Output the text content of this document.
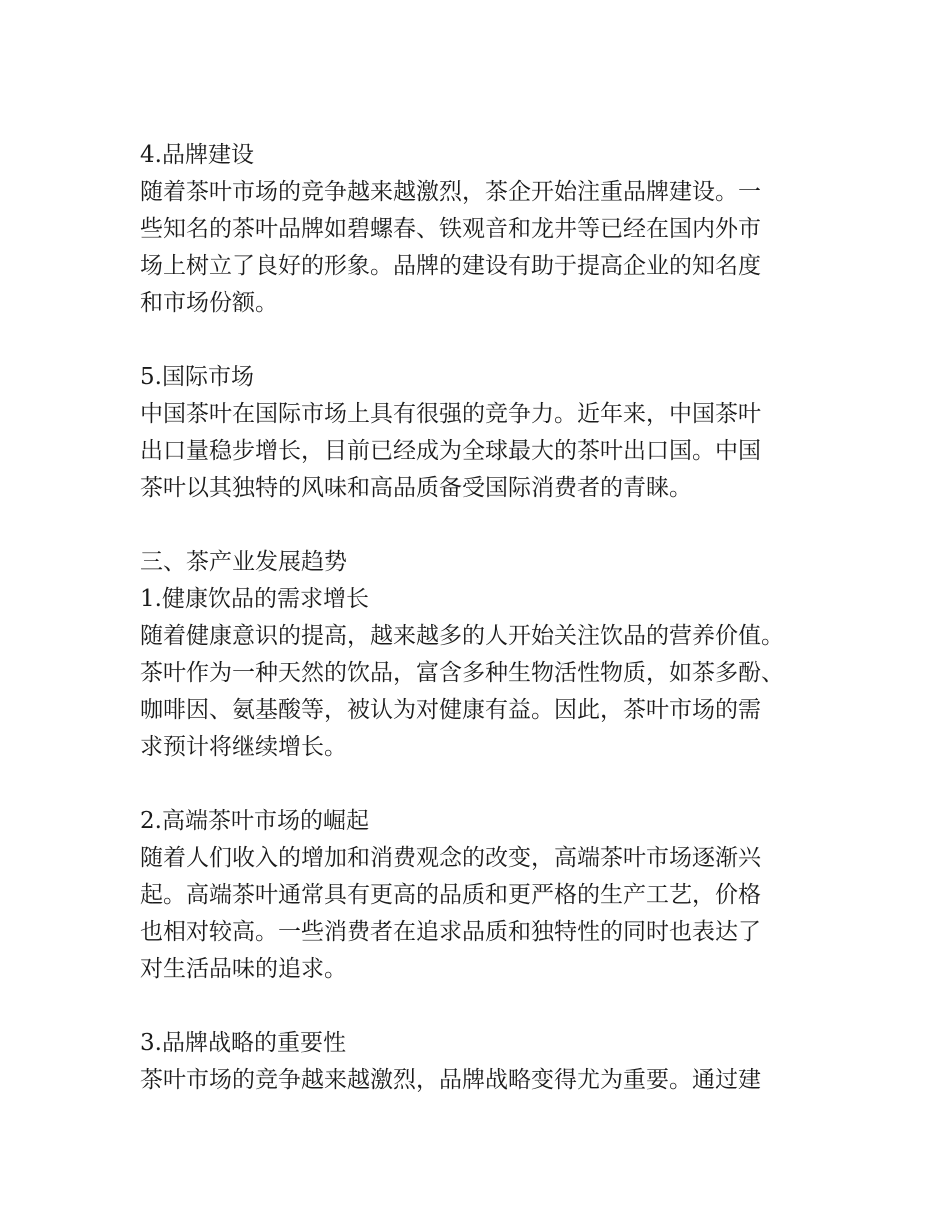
4.品牌建设
随着茶叶市场的竞争越来越激烈，茶企开始注重品牌建设。一
些知名的茶叶品牌如碧螺春、铁观音和龙井等已经在国内外市
场上树立了良好的形象。品牌的建设有助于提高企业的知名度
和市场份额。
5.国际市场
中国茶叶在国际市场上具有很强的竞争力。近年来，中国茶叶
出口量稳步增长，目前已经成为全球最大的茶叶出口国。中国
茶叶以其独特的风味和高品质备受国际消费者的青睐。
三、茶产业发展趋势
1.健康饮品的需求增长
随着健康意识的提高，越来越多的人开始关注饮品的营养价值。
茶叶作为一种天然的饮品，富含多种生物活性物质，如茶多酚、
咖啡因、氨基酸等，被认为对健康有益。因此，茶叶市场的需
求预计将继续增长。
2.高端茶叶市场的崛起
随着人们收入的增加和消费观念的改变，高端茶叶市场逐渐兴
起。高端茶叶通常具有更高的品质和更严格的生产工艺，价格
也相对较高。一些消费者在追求品质和独特性的同时也表达了
对生活品味的追求。
3.品牌战略的重要性
茶叶市场的竞争越来越激烈，品牌战略变得尤为重要。通过建
